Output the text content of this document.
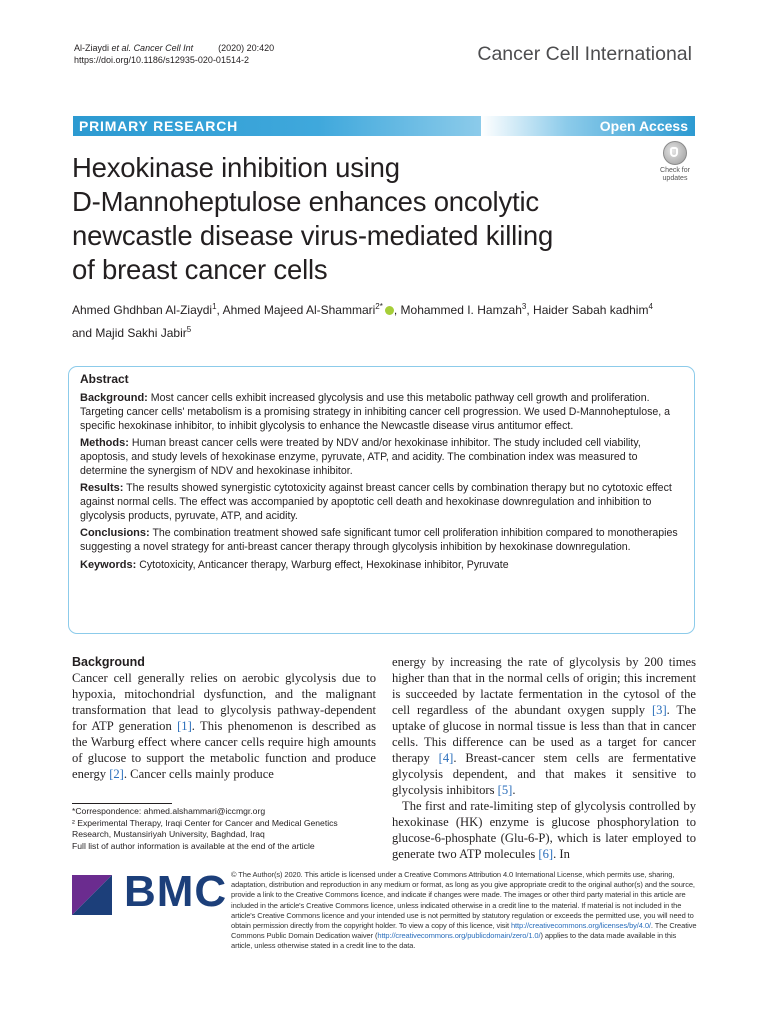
Al-Ziaydi et al. Cancer Cell Int	(2020) 20:420
https://doi.org/10.1186/s12935-020-01514-2	Cancer Cell International
PRIMARY RESEARCH	Open Access
Hexokinase inhibition using
D-Mannoheptulose enhances oncolytic
newcastle disease virus-mediated killing
of breast cancer cells
Check for
updates
Ahmed Ghdhban Al-Ziaydi$^1$, Ahmed Majeed Al-Shammari$^{2*}$ , Mohammed I. Hamzah$^3$, Haider Sabah kadhim$^4$
and Majid Sakhi Jabir$^5$
Abstract

Background: Most cancer cells exhibit increased glycolysis and use this metabolic pathway cell growth and proliferation. Targeting cancer cells' metabolism is a promising strategy in inhibiting cancer cell progression. We used D-Mannoheptulose, a specific hexokinase inhibitor, to inhibit glycolysis to enhance the Newcastle disease virus antitumor effect.

Methods: Human breast cancer cells were treated by NDV and/or hexokinase inhibitor. The study included cell viability, apoptosis, and study levels of hexokinase enzyme, pyruvate, ATP, and acidity. The combination index was measured to determine the synergism of NDV and hexokinase inhibitor.

Results: The results showed synergistic cytotoxicity against breast cancer cells by combination therapy but no cytotoxic effect against normal cells. The effect was accompanied by apoptotic cell death and hexokinase downregulation and inhibition to glycolysis products, pyruvate, ATP, and acidity.

Conclusions: The combination treatment showed safe significant tumor cell proliferation inhibition compared to monotherapies suggesting a novel strategy for anti-breast cancer therapy through glycolysis inhibition by hexokinase downregulation.

Keywords: Cytotoxicity, Anticancer therapy, Warburg effect, Hexokinase inhibitor, Pyruvate

Background

Cancer cell generally relies on aerobic glycolysis due to hypoxia, mitochondrial dysfunction, and the malignant transformation that lead to glycolysis pathway-dependent for ATP generation [1]. This phenomenon is described as the Warburg effect where cancer cells require high amounts of glucose to support the metabolic function and produce energy [2]. Cancer cells mainly produce

energy by increasing the rate of glycolysis by 200 times higher than that in the normal cells of origin; this increment is succeeded by lactate fermentation in the cytosol of the cell regardless of the abundant oxygen supply [3]. The uptake of glucose in normal tissue is less than that in cancer cells. This difference can be used as a target for cancer therapy [4]. Breast-cancer stem cells are fermentative glycolysis dependent, and that makes it sensitive to glycolysis inhibitors [5].

The first and rate-limiting step of glycolysis controlled by hexokinase (HK) enzyme is glucose phosphorylation to glucose-6-phosphate (Glu-6-P), which is later employed to generate two ATP molecules [6]. In

*Correspondence: ahmed.alshammari@iccmgr.org

² Experimental Therapy, Iraqi Center for Cancer and Medical Genetics Research, Mustansiriyah University, Baghdad, Iraq

Full list of author information is available at the end of the article

BMC © The Author(s) 2020. This article is licensed under a Creative Commons Attribution 4.0 International License, which permits use, sharing, adaptation, distribution and reproduction in any medium or format, as long as you give appropriate credit to the original author(s) and the source, provide a link to the Creative Commons licence, and indicate if changes were made. The images or other third party material in this article are included in the article's Creative Commons licence, unless indicated otherwise in a credit line to the material. If material is not included in the article's Creative Commons licence and your intended use is not permitted by statutory regulation or exceeds the permitted use, you will need to obtain permission directly from the copyright holder. To view a copy of this licence, visit http://creativecommons.org/licenses/by/4.0/. The Creative Commons Public Domain Dedication waiver (http://creativecommons.org/publicdomain/zero/1.0/) applies to the data made available in this article, unless otherwise stated in a credit line to the data.
